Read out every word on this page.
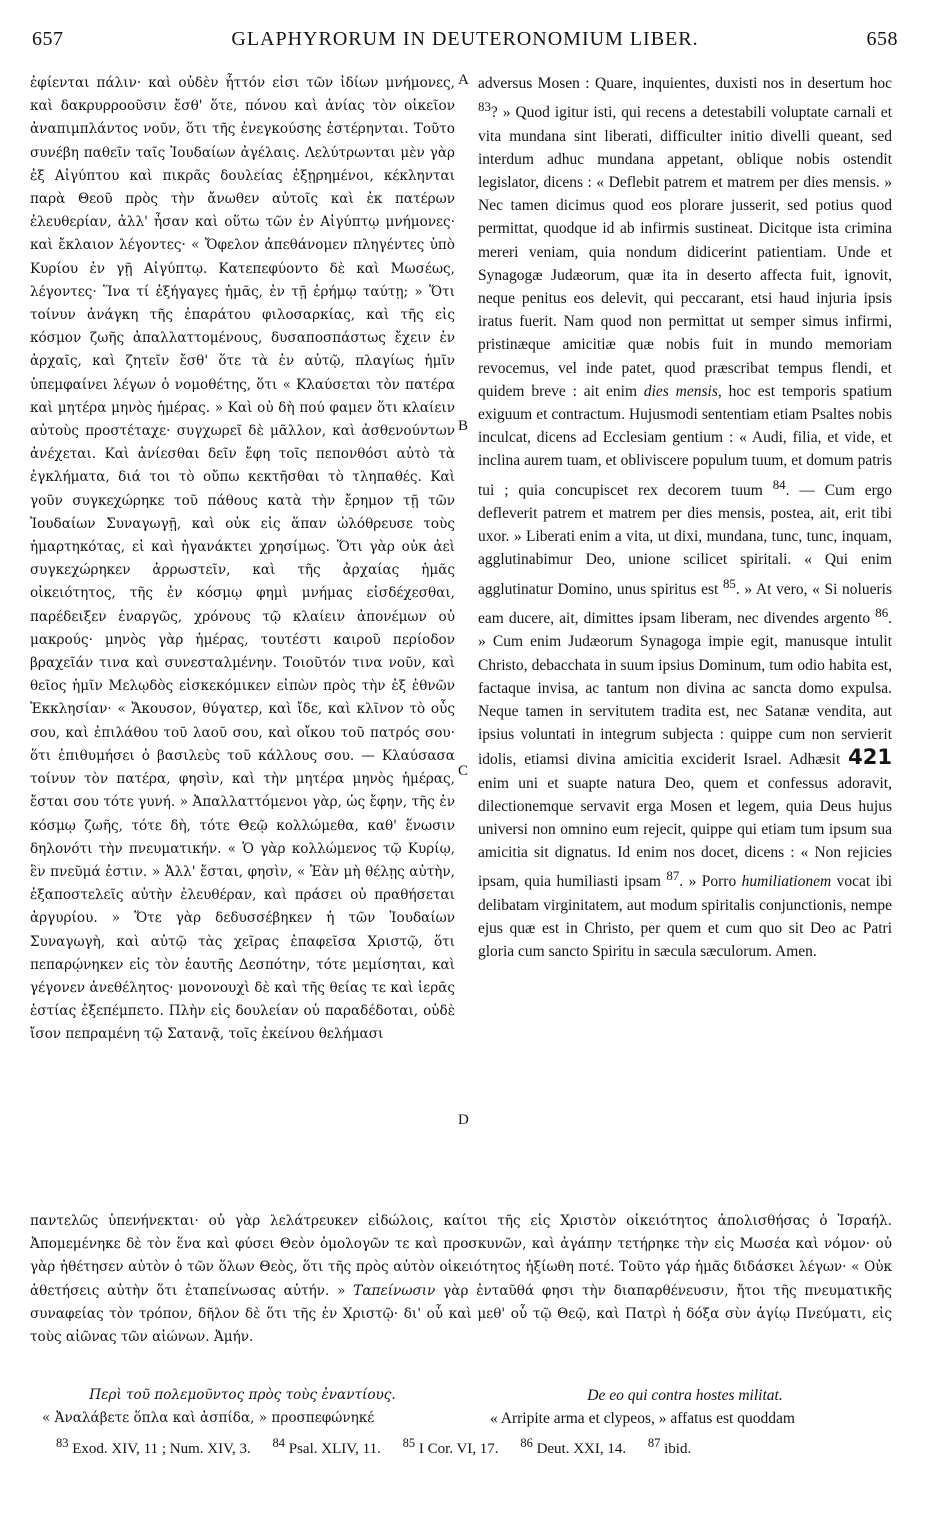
657	GLAPHYRORUM IN DEUTERONOMIUM LIBER.	658

ἐφίενται πάλιν· καὶ οὐδὲν ἧττόν εἰσι τῶν ἰδίων μνήμονες, καὶ δακρυρροοῦσιν ἔσθ' ὅτε, πόνου καὶ ἀνίας τὸν οἰκεῖον ἀναπιμπλάντος νοῦν, ὅτι τῆς ἐνεγκούσης ἐστέρηνται. Τοῦτο συνέβη παθεῖν ταῖς Ἰουδαίων ἀγέλαις. Λελύτρωνται μὲν γὰρ ἐξ Αἰγύπτου καὶ πικρᾶς δουλείας ἐξῃρημένοι, κέκληνται παρὰ Θεοῦ πρὸς τὴν ἄνωθεν αὐτοῖς καὶ ἐκ πατέρων ἐλευθερίαν, ἀλλ' ἦσαν καὶ οὕτω τῶν ἐν Αἰγύπτῳ μνήμονες· καὶ ἔκλαιον λέγοντες· « Ὄφελον ἀπεθάνομεν πληγέντες ὑπὸ Κυρίου ἐν γῇ Αἰγύπτῳ. Κατεπεφύοντο δὲ καὶ Μωσέως, λέγοντες· Ἵνα τί ἐξήγαγες ἡμᾶς, ἐν τῇ ἐρήμῳ ταύτῃ; » Ὅτι τοίνυν ἀνάγκη τῆς ἐπαράτου φιλοσαρκίας, καὶ τῆς εἰς κόσμον ζωῆς ἀπαλλαττομένους, δυσαποσπάστως ἔχειν ἐν ἀρχαῖς, καὶ ζητεῖν ἔσθ' ὅτε τὰ ἐν αὐτῷ, πλαγίως ἡμῖν ὑπεμφαίνει λέγων ὁ νομοθέτης, ὅτι « Κλαύσεται τὸν πατέρα καὶ μητέρα μηνὸς ἡμέρας. » Καὶ οὐ δὴ πού φαμεν ὅτι κλαίειν αὐτοὺς προστέταχε· συγχωρεῖ δὲ μᾶλλον, καὶ ἀσθενούντων ἀνέχεται. Καὶ ἀνίεσθαι δεῖν ἔφη τοῖς πεπονθόσι αὐτὸ τὰ ἐγκλήματα, διά τοι τὸ οὔπω κεκτῆσθαι τὸ τληπαθές. Καὶ γοῦν συγκεχώρηκε τοῦ πάθους κατὰ τὴν ἔρημον τῇ τῶν Ἰουδαίων Συναγωγῇ, καὶ οὐκ εἰς ἅπαν ὠλόθρευσε τοὺς ἡμαρτηκότας, εἰ καὶ ἠγανάκτει χρησίμως. Ὅτι γὰρ οὐκ ἀεὶ συγκεχώρηκεν ἀρρωστεῖν, καὶ τῆς ἀρχαίας ἡμᾶς οἰκειότητος, τῆς ἐν κόσμῳ φημὶ μνήμας εἰσδέχεσθαι, παρέδειξεν ἐναργῶς, χρόνους τῷ κλαίειν ἀπονέμων οὐ μακρούς· μηνὸς γὰρ ἡμέρας, τουτέστι καιροῦ περίοδον βραχεῖάν τινα καὶ συνεσταλμένην. Τοιοῦτόν τινα νοῦν, καὶ θεῖος ἡμῖν Μελῳδὸς εἰσκεκόμικεν εἰπὼν πρὸς τὴν ἐξ ἐθνῶν Ἐκκλησίαν· « Ἄκουσον, θύγατερ, καὶ ἴδε, καὶ κλῖνον τὸ οὖς σου, καὶ ἐπιλάθου τοῦ λαοῦ σου, καὶ οἴκου τοῦ πατρός σου· ὅτι ἐπιθυμήσει ὁ βασιλεὺς τοῦ κάλλους σου. — Κλαύσασα τοίνυν τὸν πατέρα, φησὶν, καὶ τὴν μητέρα μηνὸς ἡμέρας, ἔσται σου τότε γυνή. » Ἀπαλλαττόμενοι γὰρ, ὡς ἔφην, τῆς ἐν κόσμῳ ζωῆς, τότε δὴ, τότε Θεῷ κολλώμεθα, καθ' ἕνωσιν δηλονότι τὴν πνευματικήν. « Ὁ γὰρ κολλώμενος τῷ Κυρίῳ, ἓν πνεῦμά ἐστιν. » Ἀλλ' ἔσται, φησὶν, « Ἐὰν μὴ θέλῃς αὐτὴν, ἐξαποστελεῖς αὐτὴν ἐλευθέραν, καὶ πράσει οὐ πραθήσεται ἀργυρίου. » Ὅτε γὰρ δεδυσσέβηκεν ἡ τῶν Ἰουδαίων Συναγωγὴ, καὶ αὐτῷ τὰς χεῖρας ἐπαφεῖσα Χριστῷ, ὅτι πεπαρῴνηκεν εἰς τὸν ἑαυτῆς Δεσπότην, τότε μεμίσηται, καὶ γέγονεν ἀνεθέλητος· μονονουχὶ δὲ καὶ τῆς θείας τε καὶ ἱερᾶς ἑστίας ἐξεπέμπετο. Πλὴν εἰς δουλείαν οὐ παραδέδοται, οὐδὲ ἴσον πεπραμένη τῷ Σατανᾷ, τοῖς ἐκείνου θελήμασι

A
B
C
D

adversus Mosen : Quare, inquientes, duxisti nos in desertum hoc $^{83}$? » Quod igitur isti, qui recens a detestabili voluptate carnali et vita mundana sint liberati, difficulter initio divelli queant, sed interdum adhuc mundana appetant, oblique nobis ostendit legislator, dicens : « Deflebit patrem et matrem per dies mensis. » Nec tamen dicimus quod eos plorare jusserit, sed potius quod permittat, quodque id ab infirmis sustineat. Dicitque ista crimina mereri veniam, quia nondum didicerint patientiam. Unde et Synagogæ Judæorum, quæ ita in deserto affecta fuit, ignovit, neque penitus eos delevit, qui peccarant, etsi haud injuria ipsis iratus fuerit. Nam quod non permittat ut semper simus infirmi, pristinæque amicitiæ quæ nobis fuit in mundo memoriam revocemus, vel inde patet, quod præscribat tempus flendi, et quidem breve : ait enim dies mensis, hoc est temporis spatium exiguum et contractum. Hujusmodi sententiam etiam Psaltes nobis inculcat, dicens ad Ecclesiam gentium : « Audi, filia, et vide, et inclina aurem tuam, et obliviscere populum tuum, et domum patris tui ; quia concupiscet rex decorem tuum $^{84}$. — Cum ergo defleverit patrem et matrem per dies mensis, postea, ait, erit tibi uxor. » Liberati enim a vita, ut dixi, mundana, tunc, tunc, inquam, agglutinabimur Deo, unione scilicet spiritali. « Qui enim agglutinatur Domino, unus spiritus est $^{85}$. » At vero, « Si nolueris eam ducere, ait, dimittes ipsam liberam, nec divendes argento $^{86}$. » Cum enim Judæorum Synagoga impie egit, manusque intulit Christo, debacchata in suum ipsius Dominum, tum odio habita est, factaque invisa, ac tantum non divina ac sancta domo expulsa. Neque tamen in servitutem tradita est, nec Satanæ vendita, aut ipsius voluntati in integrum subjecta : quippe cum non servierit idolis, etiamsi divina amicitia exciderit Israel. Adhæsit 421 enim uni et suapte natura Deo, quem et confessus adoravit, dilectionemque servavit erga Mosen et legem, quia Deus hujus universi non omnino eum rejecit, quippe qui etiam tum ipsum sua amicitia sit dignatus. Id enim nos docet, dicens : « Non rejicies ipsam, quia humiliasti ipsam $^{87}$. » Porro humiliationem vocat ibi delibatam virginitatem, aut modum spiritalis conjunctionis, nempe ejus quæ est in Christo, per quem et cum quo sit Deo ac Patri gloria cum sancto Spiritu in sæcula sæculorum. Amen.

παντελῶς ὑπενήνεκται· οὐ γὰρ λελάτρευκεν εἰδώλοις, καίτοι τῆς εἰς Χριστὸν οἰκειότητος ἀπολισθήσας ὁ Ἰσραήλ. Ἀπομεμένηκε δὲ τὸν ἕνα καὶ φύσει Θεὸν ὁμολογῶν τε καὶ προσκυνῶν, καὶ ἀγάπην τετήρηκε τὴν εἰς Μωσέα καὶ νόμον· οὐ γὰρ ἠθέτησεν αὐτὸν ὁ τῶν ὅλων Θεὸς, ὅτι τῆς πρὸς αὐτὸν οἰκειότητος ἠξίωθη ποτέ. Τοῦτο γάρ ἡμᾶς διδάσκει λέγων· « Οὐκ ἀθετήσεις αὐτὴν ὅτι ἐταπείνωσας αὐτήν. » Ταπείνωσιν γὰρ ἐνταῦθά φησι τὴν διαπαρθένευσιν, ἤτοι τῆς πνευματικῆς συναφείας τὸν τρόπον, δῆλον δὲ ὅτι τῆς ἐν Χριστῷ· δι' οὗ καὶ μεθ' οὗ τῷ Θεῷ, καὶ Πατρὶ ἡ δόξα σὺν ἁγίῳ Πνεύματι, εἰς τοὺς αἰῶνας τῶν αἰώνων. Ἀμήν.

Περὶ τοῦ πολεμοῦντος πρὸς τοὺς ἐναντίους.
« Ἀναλάβετε ὅπλα καὶ ἀσπίδα, » προσπεφώνηκέ
De eo qui contra hostes militat.
« Arripite arma et clypeos, » affatus est quoddam
$^{83}$ Exod. XIV, 11 ; Num. XIV, 3. $^{84}$ Psal. XLIV, 11. $^{85}$ I Cor. VI, 17. $^{86}$ Deut. XXI, 14. $^{87}$ ibid.
